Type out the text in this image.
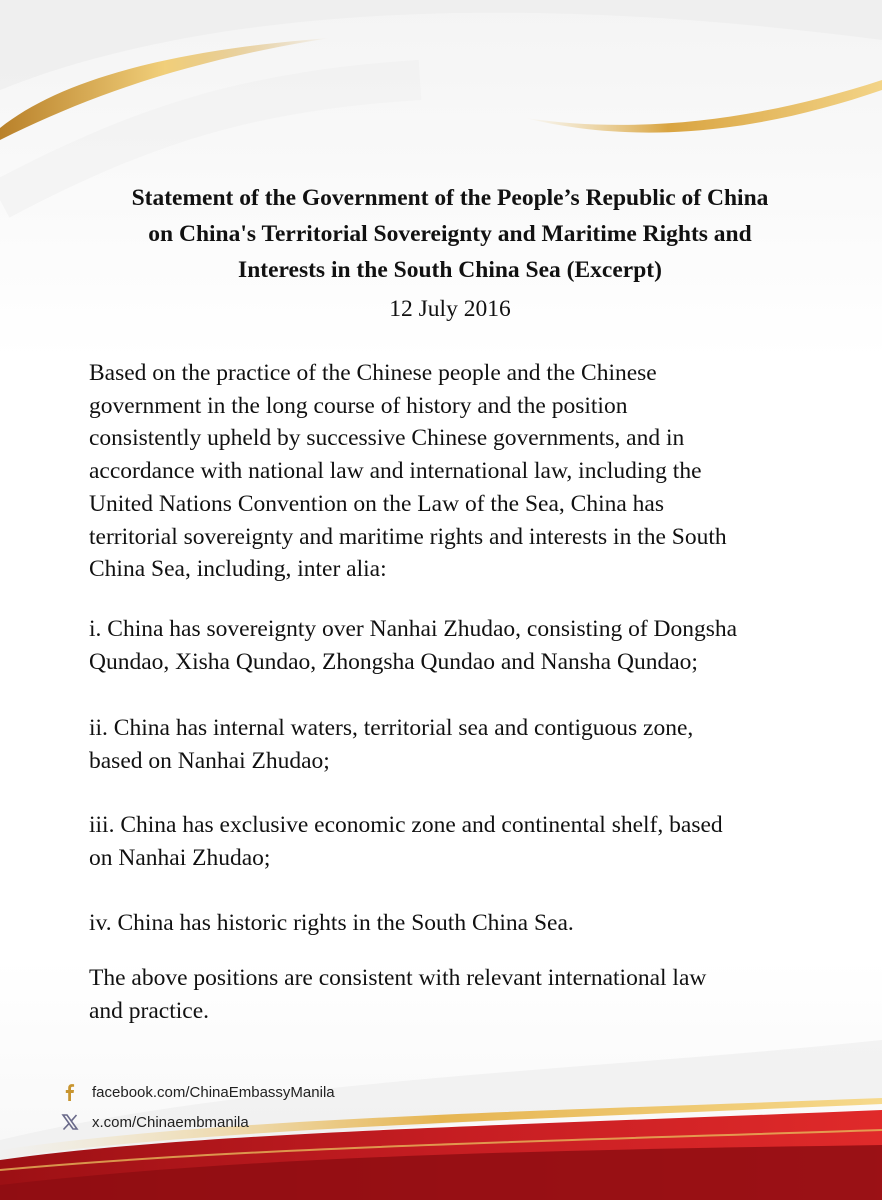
Statement of the Government of the People’s Republic of China
on China's Territorial Sovereignty and Maritime Rights and
Interests in the South China Sea (Excerpt)

12 July 2016

Based on the practice of the Chinese people and the Chinese
government in the long course of history and the position
consistently upheld by successive Chinese governments, and in
accordance with national law and international law, including the
United Nations Convention on the Law of the Sea, China has
territorial sovereignty and maritime rights and interests in the South
China Sea, including, inter alia:

i. China has sovereignty over Nanhai Zhudao, consisting of Dongsha
Qundao, Xisha Qundao, Zhongsha Qundao and Nansha Qundao;

ii. China has internal waters, territorial sea and contiguous zone,
based on Nanhai Zhudao;

iii. China has exclusive economic zone and continental shelf, based
on Nanhai Zhudao;

iv. China has historic rights in the South China Sea.

The above positions are consistent with relevant international law
and practice.

facebook.com/ChinaEmbassyManila
x.com/Chinaembmanila
